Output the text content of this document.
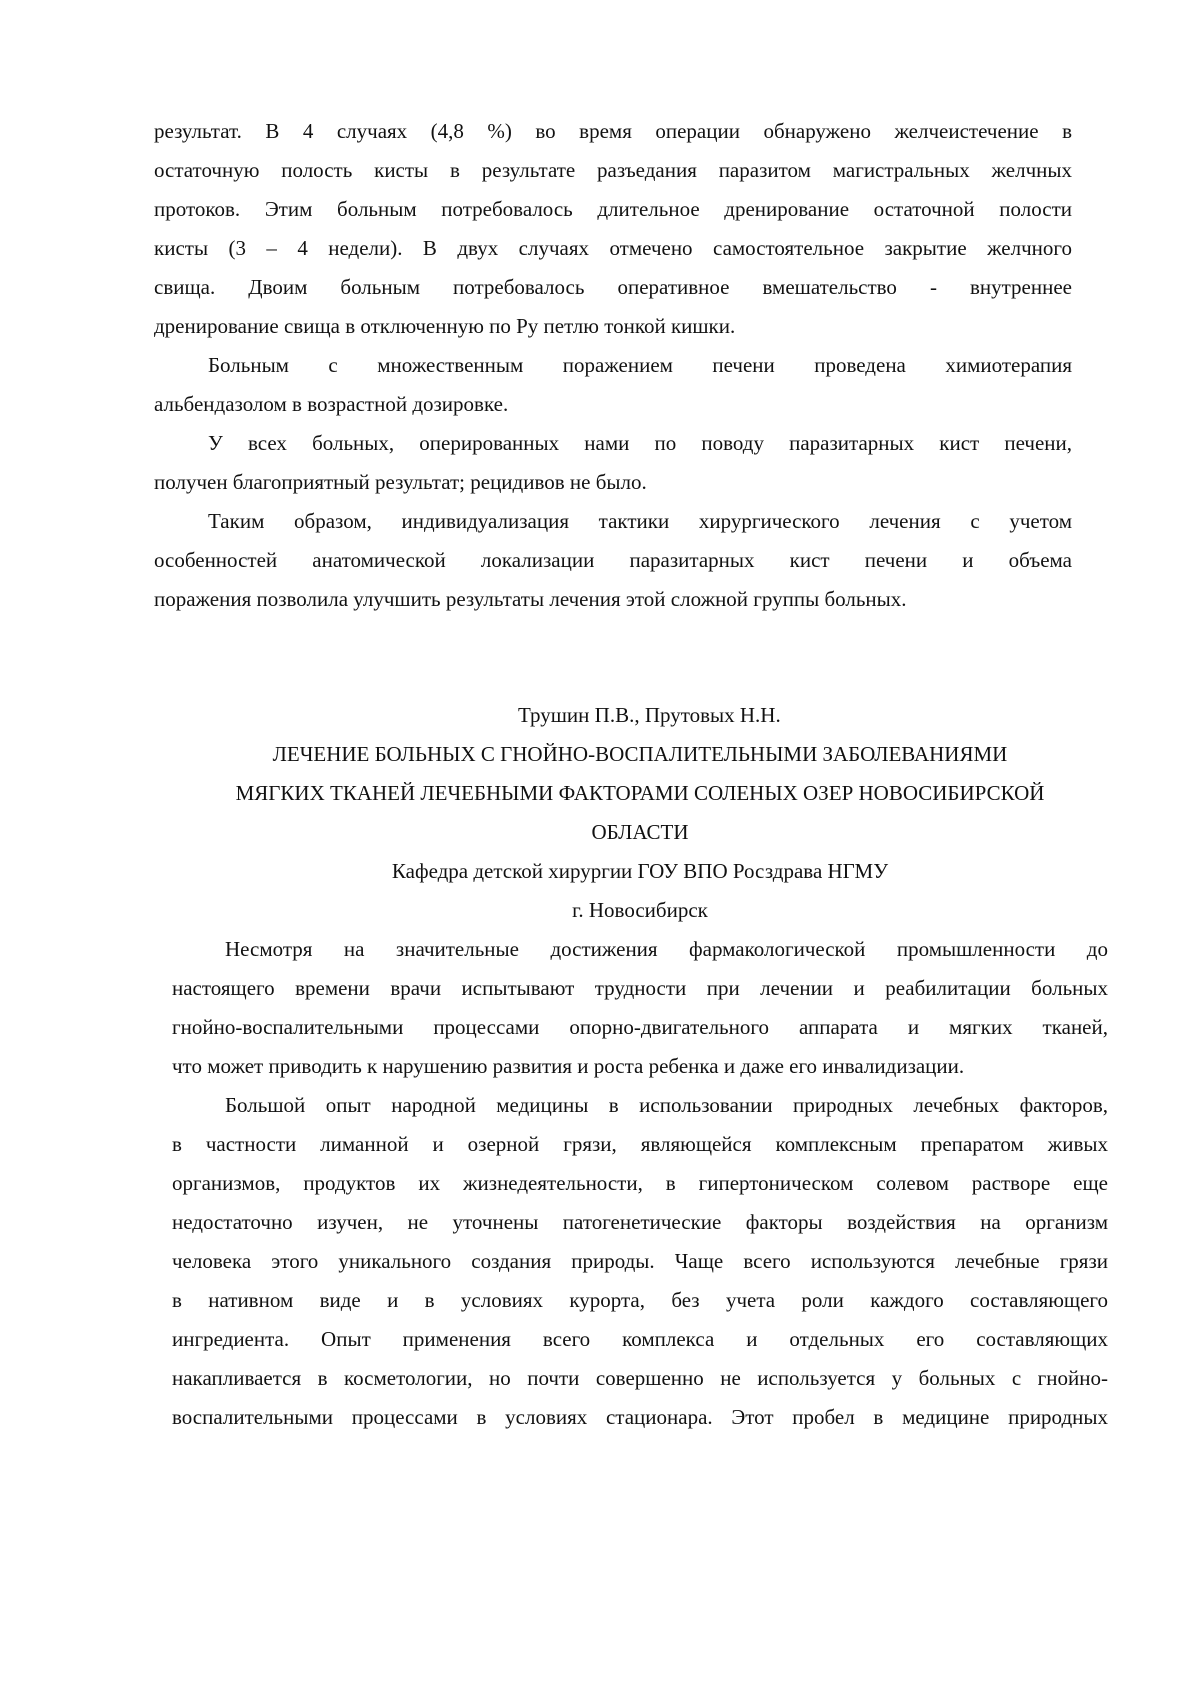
результат. В 4 случаях (4,8 %) во время операции обнаружено желчеистечение в
остаточную полость кисты в результате разъедания паразитом магистральных желчных
протоков. Этим больным потребовалось длительное дренирование остаточной полости
кисты (3 – 4 недели). В двух случаях отмечено самостоятельное закрытие желчного
свища. Двоим больным потребовалось оперативное вмешательство - внутреннее
дренирование свища в отключенную по Ру петлю тонкой кишки.
Больным с множественным поражением печени проведена химиотерапия
альбендазолом в возрастной дозировке.
У всех больных, оперированных нами по поводу паразитарных кист печени,
получен благоприятный результат; рецидивов не было.
Таким образом, индивидуализация тактики хирургического лечения с учетом
особенностей анатомической локализации паразитарных кист печени и объема
поражения позволила улучшить результаты лечения этой сложной группы больных.
Трушин П.В., Прутовых Н.Н.
ЛЕЧЕНИЕ БОЛЬНЫХ С ГНОЙНО-ВОСПАЛИТЕЛЬНЫМИ ЗАБОЛЕВАНИЯМИ
МЯГКИХ ТКАНЕЙ ЛЕЧЕБНЫМИ ФАКТОРАМИ СОЛЕНЫХ ОЗЕР НОВОСИБИРСКОЙ
ОБЛАСТИ
Кафедра детской хирургии ГОУ ВПО Росздрава НГМУ
г. Новосибирск
Несмотря на значительные достижения фармакологической промышленности до
настоящего времени врачи испытывают трудности при лечении и реабилитации больных
гнойно-воспалительными процессами опорно-двигательного аппарата и мягких тканей,
что может приводить к нарушению развития и роста ребенка и даже его инвалидизации.
Большой опыт народной медицины в использовании природных лечебных факторов,
в частности лиманной и озерной грязи, являющейся комплексным препаратом живых
организмов, продуктов их жизнедеятельности, в гипертоническом солевом растворе еще
недостаточно изучен, не уточнены патогенетические факторы воздействия на организм
человека этого уникального создания природы. Чаще всего используются лечебные грязи
в нативном виде и в условиях курорта, без учета роли каждого составляющего
ингредиента. Опыт применения всего комплекса и отдельных его составляющих
накапливается в косметологии, но почти совершенно не используется у больных с гнойно-
воспалительными процессами в условиях стационара. Этот пробел в медицине природных
